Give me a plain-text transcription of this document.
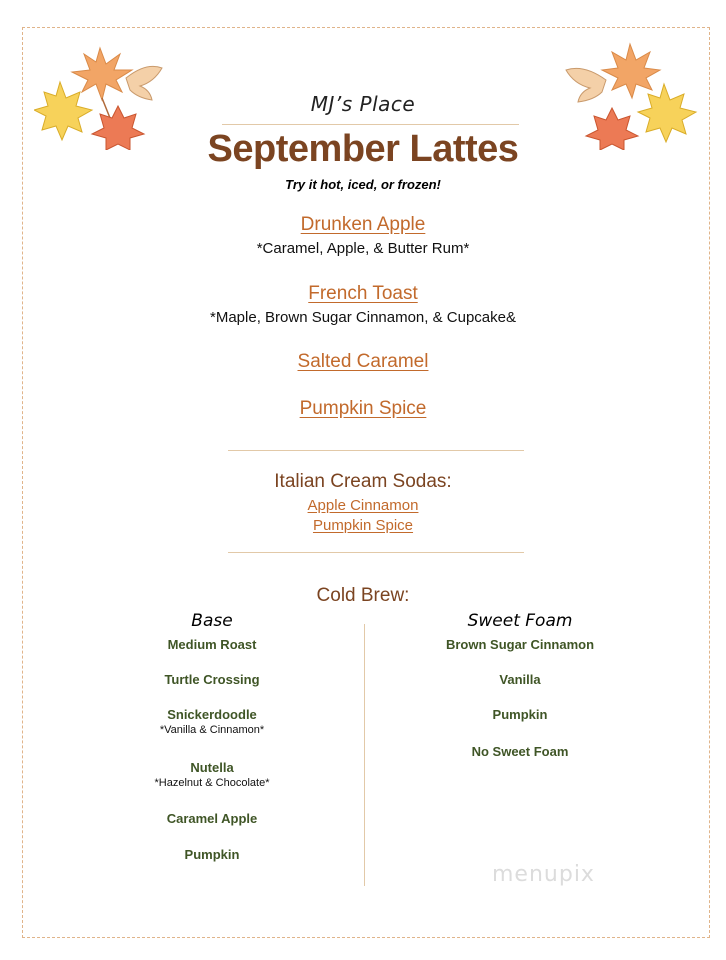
MJ’s Place
September Lattes
Try it hot, iced, or frozen!
Drunken Apple
*Caramel, Apple, & Butter Rum*
French Toast
*Maple, Brown Sugar Cinnamon, & Cupcake&
Salted Caramel
Pumpkin Spice
Italian Cream Sodas:
Apple Cinnamon
Pumpkin Spice
Cold Brew:
Base
Medium Roast
Turtle Crossing
Snickerdoodle
*Vanilla & Cinnamon*
Nutella
*Hazelnut & Chocolate*
Caramel Apple
Pumpkin
Sweet Foam
Brown Sugar Cinnamon
Vanilla
Pumpkin
No Sweet Foam
menupix
